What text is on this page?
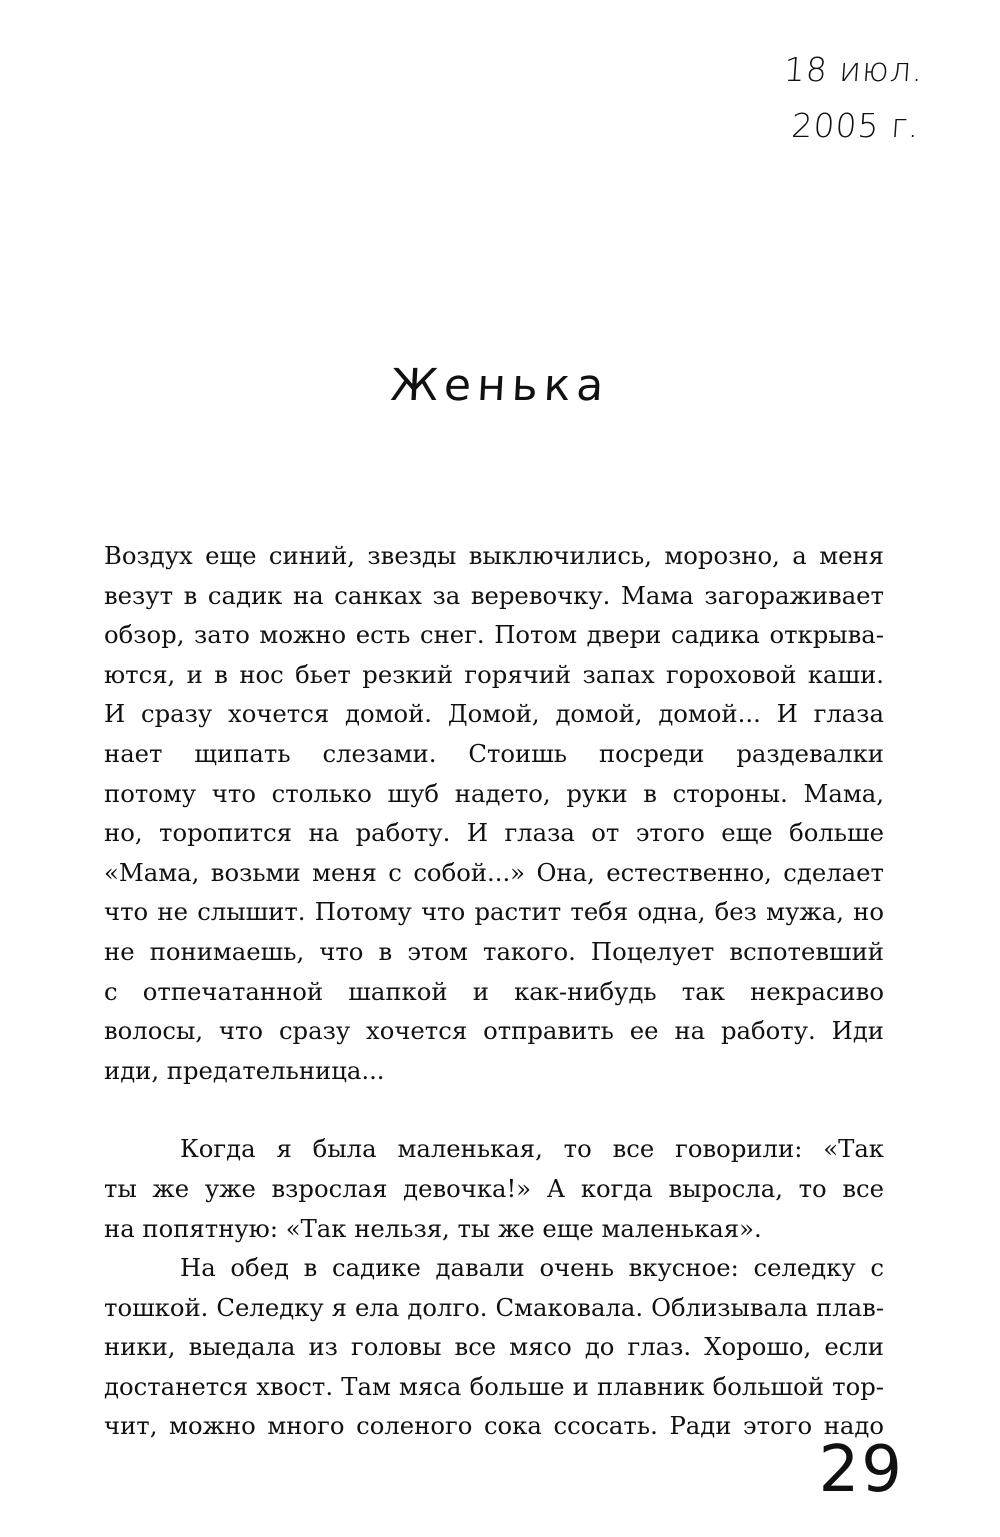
18 июл.
2005 г.
Женька
Воздух еще синий, звезды выключились, морозно, а меня
везут в садик на санках за веревочку. Мама загораживает
обзор, зато можно есть снег. Потом двери садика открыва-
ются, и в нос бьет резкий горячий запах гороховой каши.
И сразу хочется домой. Домой, домой, домой... И глаза
нает щипать слезами. Стоишь посреди раздевалки
потому что столько шуб надето, руки в стороны. Мама,
но, торопится на работу. И глаза от этого еще больше
«Мама, возьми меня с собой...» Она, естественно, сделает
что не слышит. Потому что растит тебя одна, без мужа, но
не понимаешь, что в этом такого. Поцелует вспотевший
с отпечатанной шапкой и как-нибудь так некрасиво
волосы, что сразу хочется отправить ее на работу. Иди
иди, предательница...
Когда я была маленькая, то все говорили: «Так
ты же уже взрослая девочка!» А когда выросла, то все
на попятную: «Так нельзя, ты же еще маленькая».
На обед в садике давали очень вкусное: селедку с
тошкой. Селедку я ела долго. Смаковала. Облизывала плав-
ники, выедала из головы все мясо до глаз. Хорошо, если
достанется хвост. Там мяса больше и плавник большой тор-
чит, можно много соленого сока ссосать. Ради этого надо
29
